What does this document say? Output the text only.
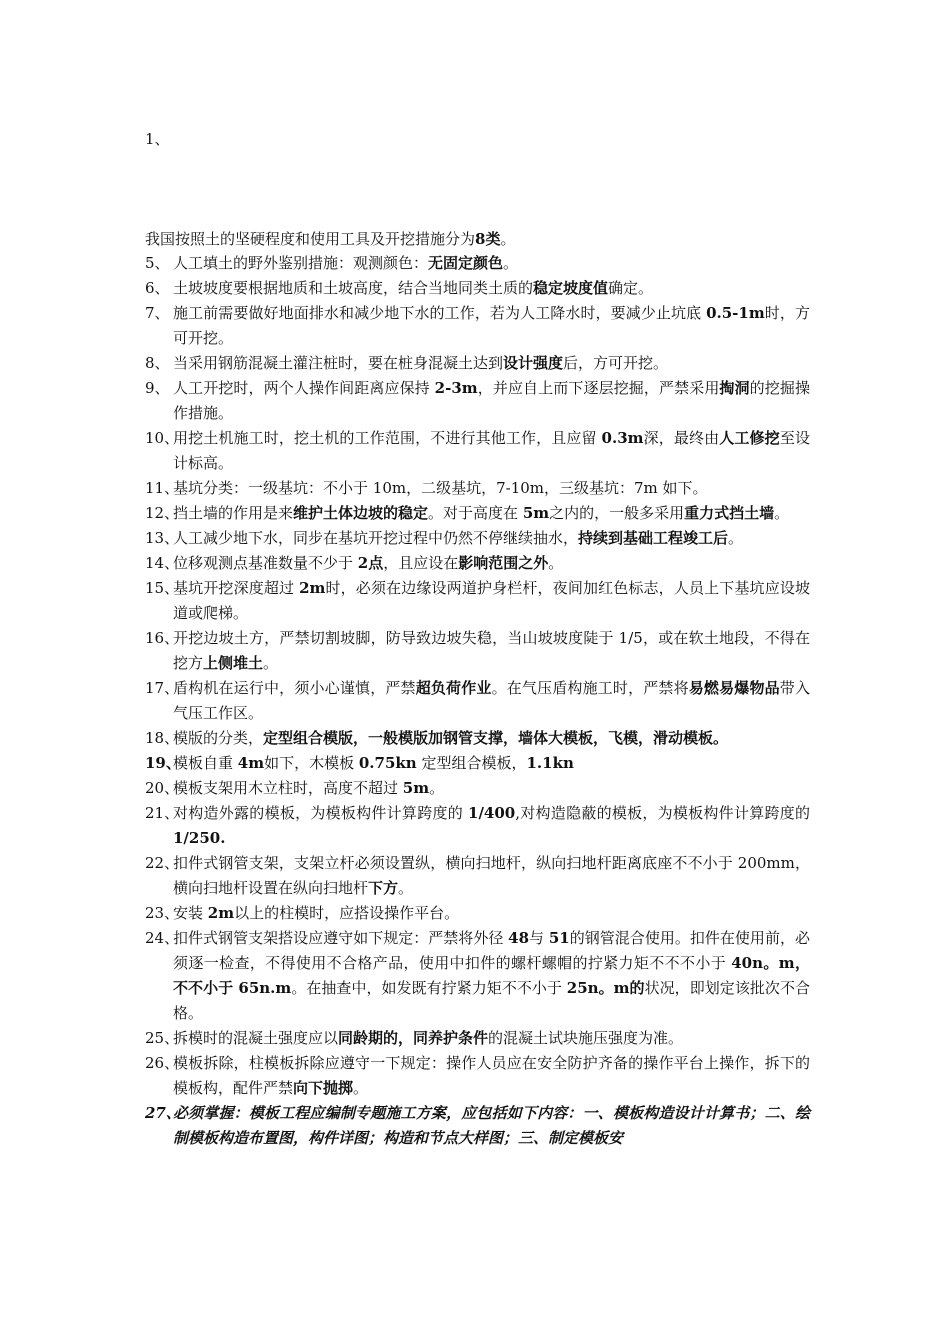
1、
我国按照土的坚硬程度和使用工具及开挖措施分为8类。
5、 人工填土的野外鉴别措施：观测颜色：无固定颜色。
6、 土坡坡度要根据地质和土坡高度，结合当地同类土质的稳定坡度值确定。
7、 施工前需要做好地面排水和减少地下水的工作，若为人工降水时，要减少止坑底 0.5-1m时，方可开挖。
8、 当采用钢筋混凝土灌注桩时，要在桩身混凝土达到设计强度后，方可开挖。
9、 人工开挖时，两个人操作间距离应保持 2-3m，并应自上而下逐层挖掘，严禁采用掏洞的挖掘操作措施。
10、
用挖土机施工时，挖土机的工作范围，不进行其他工作，且应留 0.3m深，最终由人工修挖至设计标高。
11、
基坑分类：一级基坑：不小于 10m，二级基坑，7-10m，三级基坑：7m 如下。
12、
挡土墙的作用是来维护土体边坡的稳定。对于高度在 5m之内的，一般多采用重力式挡土墙。
13、
人工减少地下水，同步在基坑开挖过程中仍然不停继续抽水，持续到基础工程竣工后。
14、
位移观测点基准数量不少于 2点，且应设在影响范围之外。
15、
基坑开挖深度超过 2m时，必须在边缘设两道护身栏杆，夜间加红色标志，人员上下基坑应设坡道或爬梯。
16、
开挖边坡土方，严禁切割坡脚，防导致边坡失稳，当山坡坡度陡于 1/5，或在软土地段，不得在挖方上侧堆土。
17、
盾构机在运行中，须小心谨慎，严禁超负荷作业。在气压盾构施工时，严禁将易燃易爆物品带入气压工作区。
18、
模版的分类，定型组合模版，一般模版加钢管支撑，墙体大模板，飞模，滑动模板。
19、
模板自重 4m如下，木模板 0.75kn 定型组合模板，1.1kn
20、
模板支架用木立柱时，高度不超过 5m。
21、
对构造外露的模板，为模板构件计算跨度的 1/400,对构造隐蔽的模板，为模板构件计算跨度的 1/250.
22、
扣件式钢管支架，支架立杆必须设置纵，横向扫地杆，纵向扫地杆距离底座不不小于 200mm，横向扫地杆设置在纵向扫地杆下方。
23、
安装 2m以上的柱模时，应搭设操作平台。
24、
扣件式钢管支架搭设应遵守如下规定：严禁将外径 48与 51的钢管混合使用。扣件在使用前，必须逐一检查，不得使用不合格产品，使用中扣件的螺杆螺帽的拧紧力矩不不不小于 40n。m，不不小于 65n.m。在抽查中，如发既有拧紧力矩不不小于 25n。m的状况，即划定该批次不合格。
25、
拆模时的混凝土强度应以同龄期的，同养护条件的混凝土试块施压强度为准。
26、
模板拆除，柱模板拆除应遵守一下规定：操作人员应在安全防护齐备的操作平台上操作，拆下的模板构，配件严禁向下抛掷。
27、
必须掌握：模板工程应编制专题施工方案，应包括如下内容：一、模板构造设计计算书；二、绘制模板构造布置图，构件详图；构造和节点大样图；三、制定模板安
